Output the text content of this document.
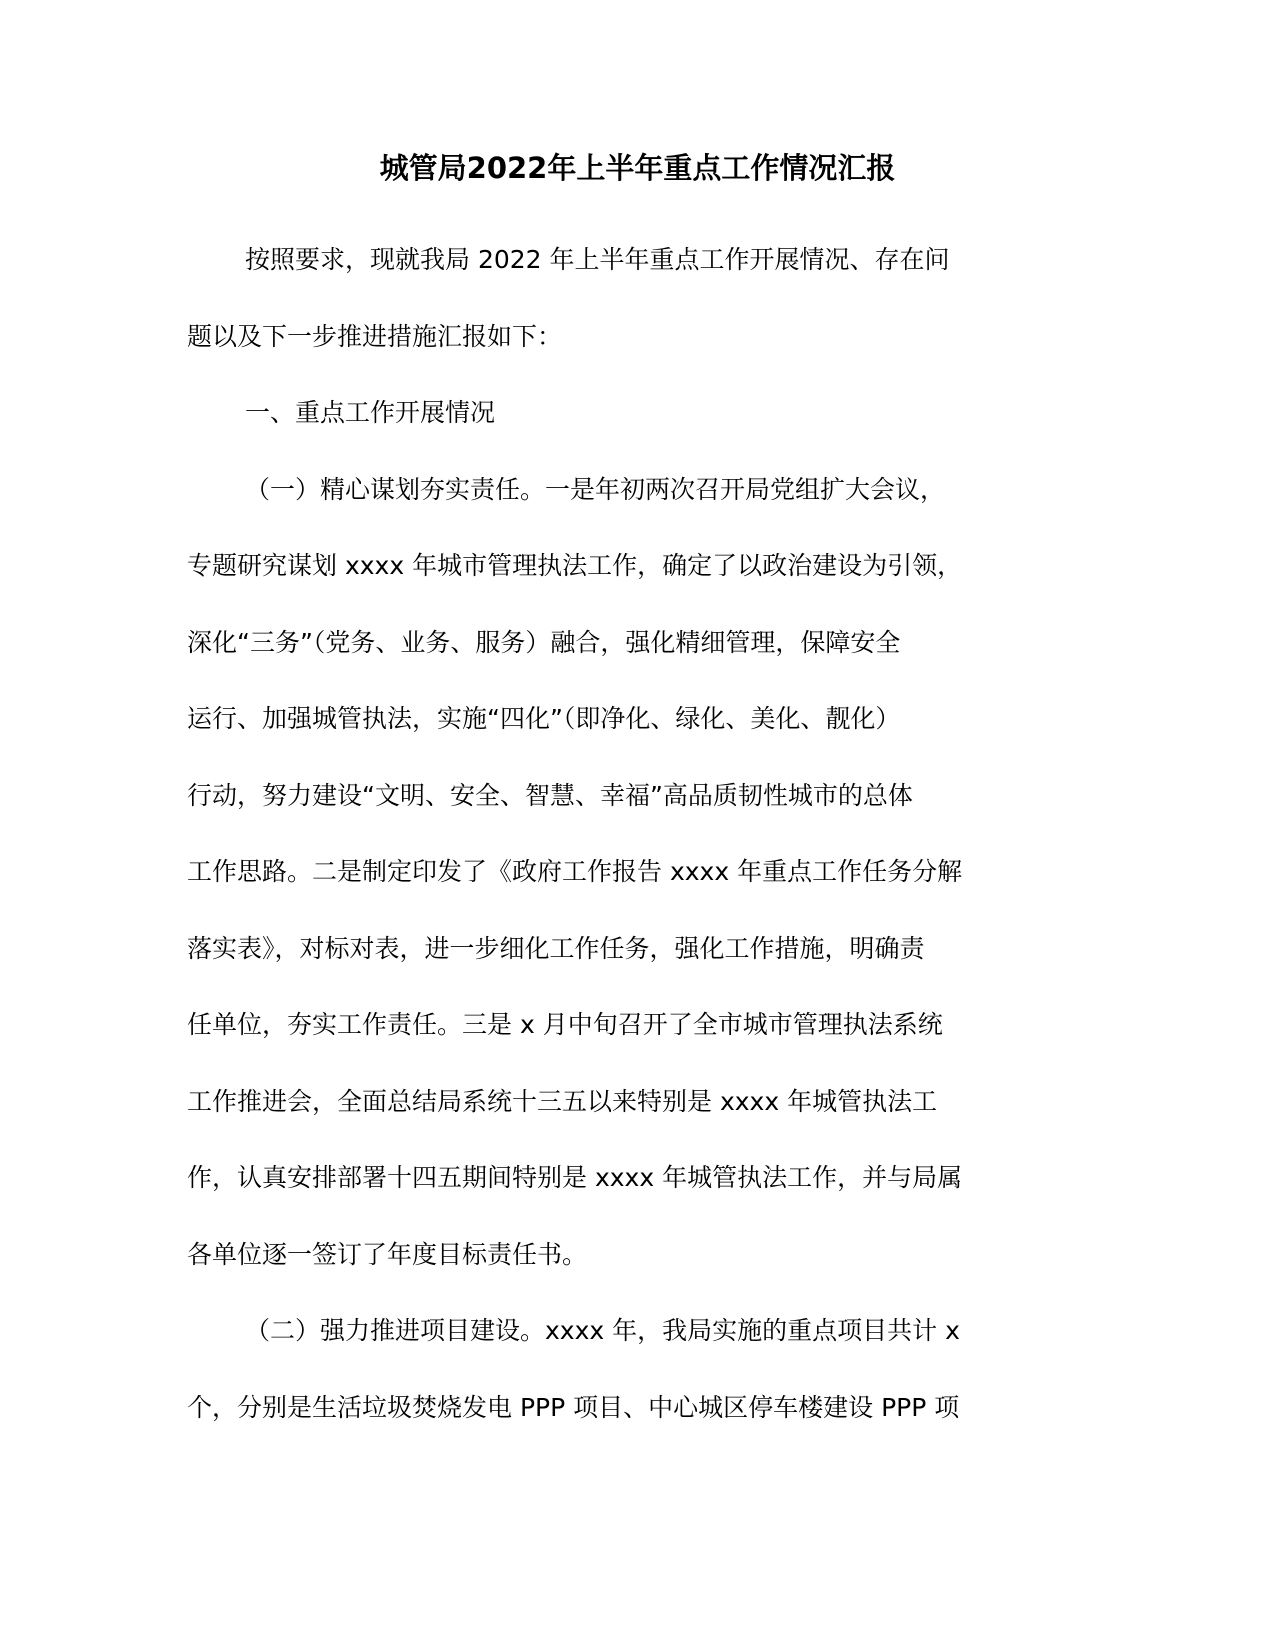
城管局2022年上半年重点工作情况汇报

按照要求，现就我局 2022 年上半年重点工作开展情况、存在问
题以及下一步推进措施汇报如下：

一、重点工作开展情况

（一）精心谋划夯实责任。一是年初两次召开局党组扩大会议，
专题研究谋划 xxxx 年城市管理执法工作，确定了以政治建设为引领，
深化“三务”（党务、业务、服务）融合，强化精细管理，保障安全
运行、加强城管执法，实施“四化”（即净化、绿化、美化、靓化）
行动，努力建设“文明、安全、智慧、幸福”高品质韧性城市的总体
工作思路。二是制定印发了《政府工作报告 xxxx 年重点工作任务分解
落实表》，对标对表，进一步细化工作任务，强化工作措施，明确责
任单位，夯实工作责任。三是 x 月中旬召开了全市城市管理执法系统
工作推进会，全面总结局系统十三五以来特别是 xxxx 年城管执法工
作，认真安排部署十四五期间特别是 xxxx 年城管执法工作，并与局属
各单位逐一签订了年度目标责任书。

（二）强力推进项目建设。xxxx 年，我局实施的重点项目共计 x
个，分别是生活垃圾焚烧发电 PPP 项目、中心城区停车楼建设 PPP 项
